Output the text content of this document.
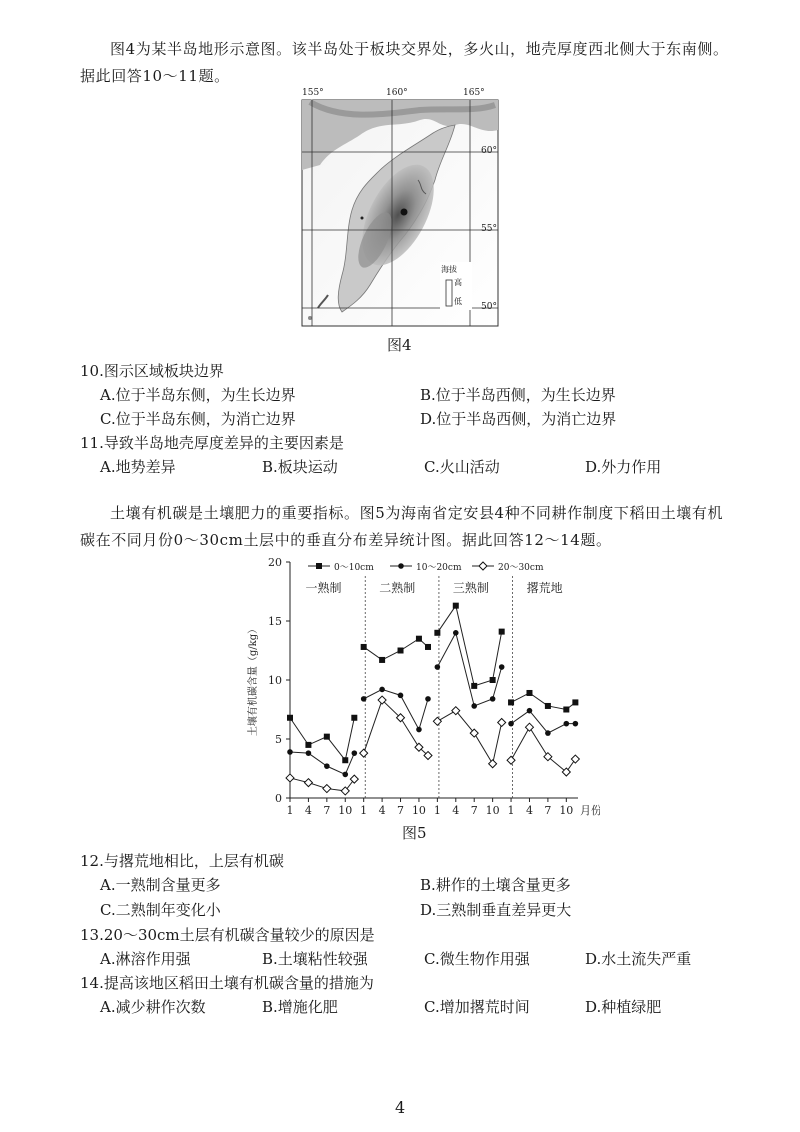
图4为某半岛地形示意图。该半岛处于板块交界处，多火山，地壳厚度西北侧大于东南侧。据此回答10～11题。
155°	160°	165°
60°
55°
50°
海拔
高
低
图4
10.图示区域板块边界
A.位于半岛东侧，为生长边界	B.位于半岛西侧，为生长边界
C.位于半岛东侧，为消亡边界	D.位于半岛西侧，为消亡边界
11.导致半岛地壳厚度差异的主要因素是
A.地势差异	B.板块运动	C.火山活动	D.外力作用
土壤有机碳是土壤肥力的重要指标。图5为海南省定安县4种不同耕作制度下稻田土壤有机碳在不同月份0～30cm土层中的垂直分布差异统计图。据此回答12～14题。
0
5
10
15
20
土壤有机碳含量（g/kg）
1 4 7 10 1 4 7 10 1 4 7 10 1 4 7 10 月份
一熟制	二熟制	三熟制	撂荒地
0～10cm	10～20cm	20～30cm
图5
12.与撂荒地相比，上层有机碳
A.一熟制含量更多	B.耕作的土壤含量更多
C.二熟制年变化小	D.三熟制垂直差异更大
13.20～30cm土层有机碳含量较少的原因是
A.淋溶作用强	B.土壤粘性较强	C.微生物作用强	D.水土流失严重
14.提高该地区稻田土壤有机碳含量的措施为
A.减少耕作次数	B.增施化肥	C.增加撂荒时间	D.种植绿肥
4
